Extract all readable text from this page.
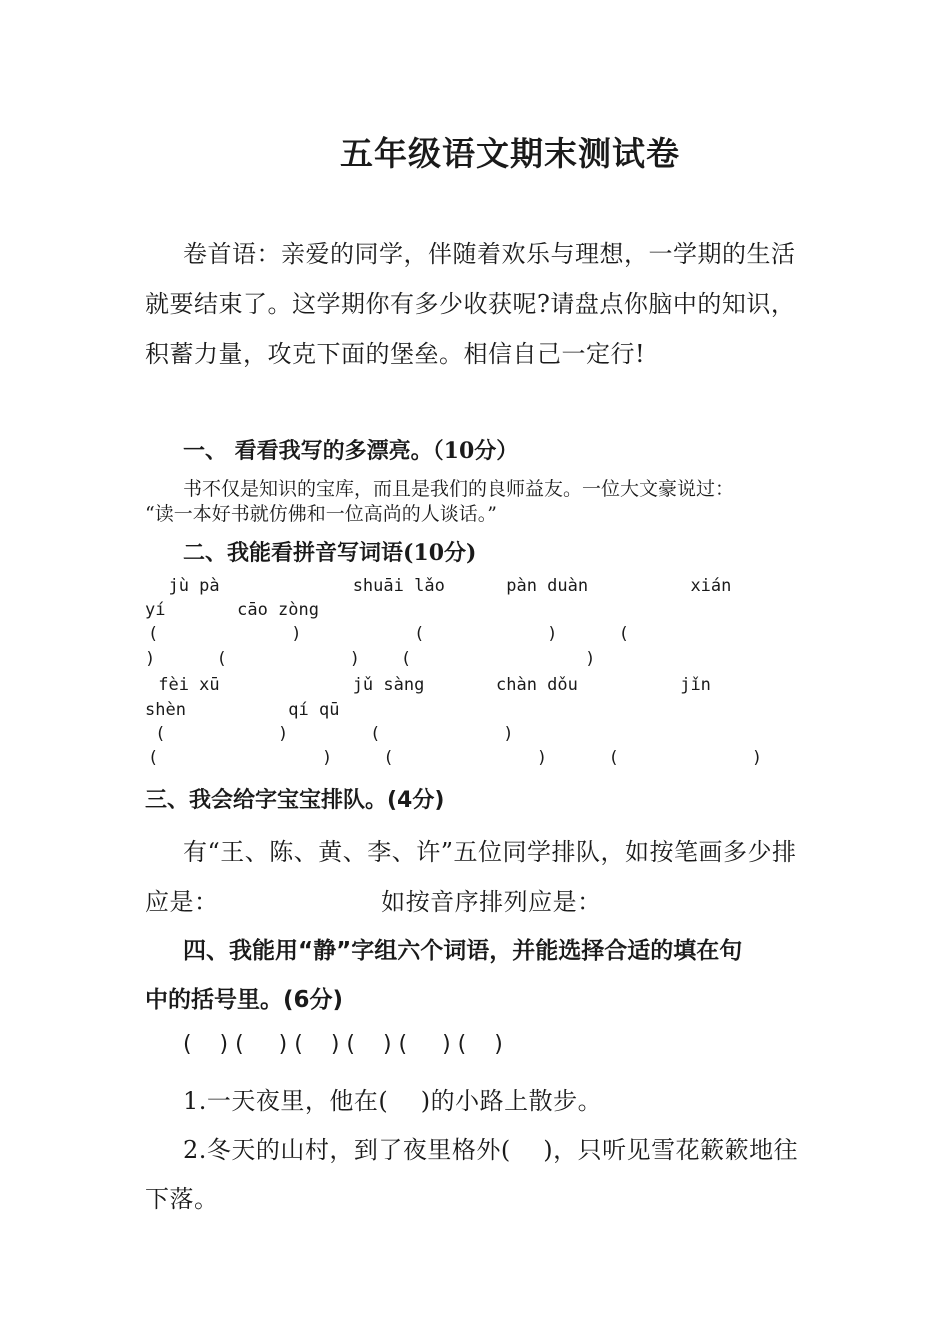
五年级语文期末测试卷
卷首语：亲爱的同学，伴随着欢乐与理想，一学期的生活
就要结束了。这学期你有多少收获呢?请盘点你脑中的知识，
积蓄力量，攻克下面的堡垒。相信自己一定行!
一、 看看我写的多漂亮。（10分）
书不仅是知识的宝库，而且是我们的良师益友。一位大文豪说过：
“读一本好书就仿佛和一位高尚的人谈话。”
二、我能看拼音写词语(10分)
jù pà             shuāi lǎo      pàn duàn          xián
yí       cāo zòng
(             )           (            )      (
)      (            )    (                 )
fèi xū             jǔ sàng       chàn dǒu          jǐn
shèn          qí qū
(           )        (            )
(                )     (              )      (             )
三、我会给字宝宝排队。(4分)
有“王、陈、黄、李、许”五位同学排队，如按笔画多少排
应是：                    如按音序排列应是：
四、我能用“静”字组六个词语，并能选择合适的填在句
中的括号里。(6分)
(    ) (     ) (    ) (    ) (     ) (    )
1.一天夜里，他在(    )的小路上散步。
2.冬天的山村，到了夜里格外(    )，只听见雪花簌簌地往
下落。
